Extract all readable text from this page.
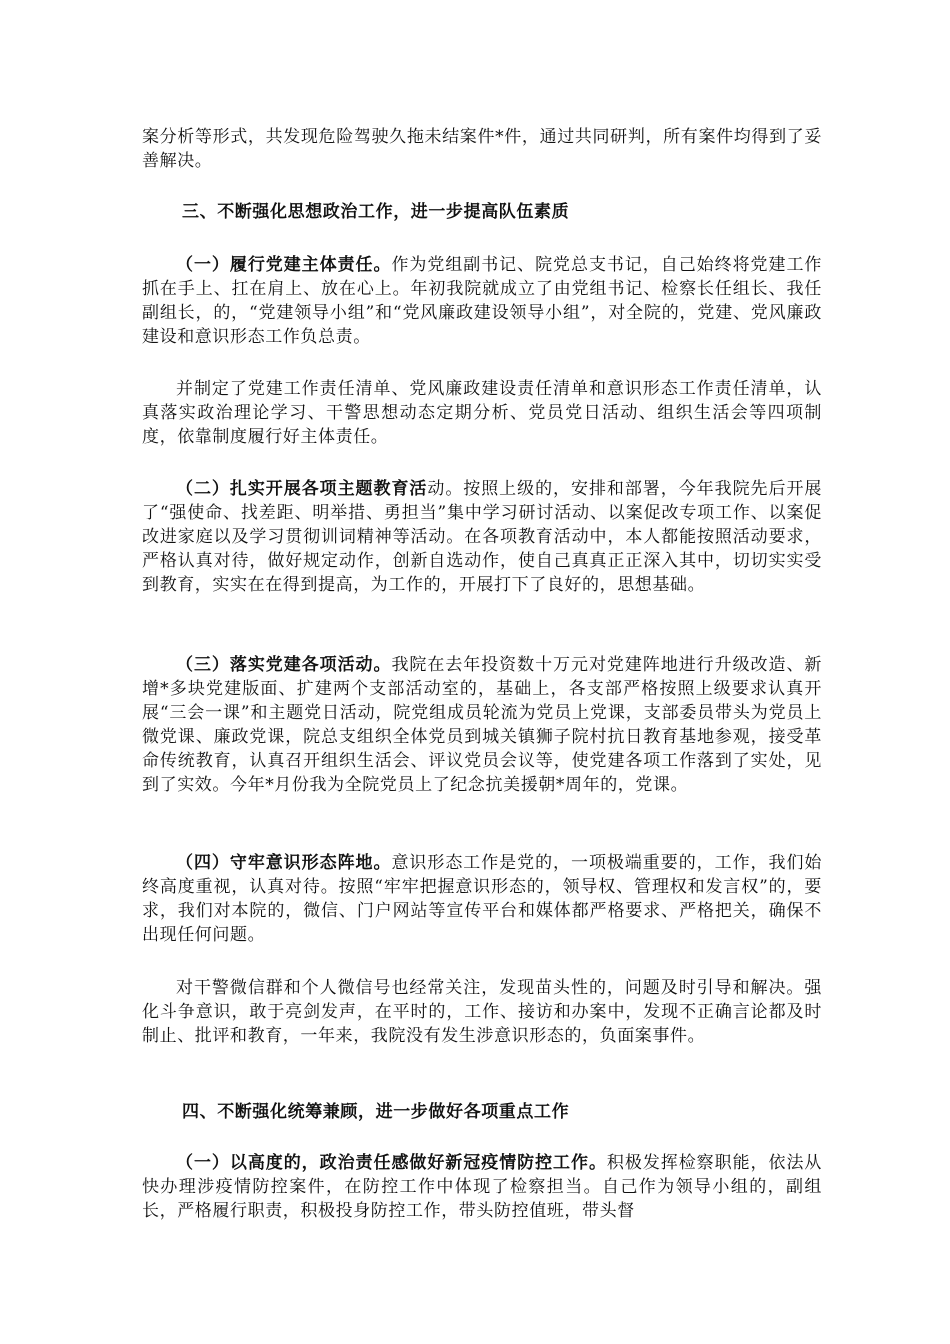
案分析等形式，共发现危险驾驶久拖未结案件*件，通过共同研判，所有案件均得到了妥善解决。

三、不断强化思想政治工作，进一步提高队伍素质

（一）履行党建主体责任。作为党组副书记、院党总支书记，自己始终将党建工作抓在手上、扛在肩上、放在心上。年初我院就成立了由党组书记、检察长任组长、我任副组长，的，“党建领导小组”和“党风廉政建设领导小组”，对全院的，党建、党风廉政建设和意识形态工作负总责。

并制定了党建工作责任清单、党风廉政建设责任清单和意识形态工作责任清单，认真落实政治理论学习、干警思想动态定期分析、党员党日活动、组织生活会等四项制度，依靠制度履行好主体责任。

（二）扎实开展各项主题教育活动。按照上级的，安排和部署，今年我院先后开展了“强使命、找差距、明举措、勇担当”集中学习研讨活动、以案促改专项工作、以案促改进家庭以及学习贯彻训词精神等活动。在各项教育活动中，本人都能按照活动要求，严格认真对待，做好规定动作，创新自选动作，使自己真真正正深入其中，切切实实受到教育，实实在在得到提高，为工作的，开展打下了良好的，思想基础。

（三）落实党建各项活动。我院在去年投资数十万元对党建阵地进行升级改造、新增*多块党建版面、扩建两个支部活动室的，基础上，各支部严格按照上级要求认真开展“三会一课”和主题党日活动，院党组成员轮流为党员上党课，支部委员带头为党员上微党课、廉政党课，院总支组织全体党员到城关镇狮子院村抗日教育基地参观，接受革命传统教育，认真召开组织生活会、评议党员会议等，使党建各项工作落到了实处，见到了实效。今年*月份我为全院党员上了纪念抗美援朝*周年的，党课。

（四）守牢意识形态阵地。意识形态工作是党的，一项极端重要的，工作，我们始终高度重视，认真对待。按照“牢牢把握意识形态的，领导权、管理权和发言权”的，要求，我们对本院的，微信、门户网站等宣传平台和媒体都严格要求、严格把关，确保不出现任何问题。

对干警微信群和个人微信号也经常关注，发现苗头性的，问题及时引导和解决。强化斗争意识，敢于亮剑发声，在平时的，工作、接访和办案中，发现不正确言论都及时制止、批评和教育，一年来，我院没有发生涉意识形态的，负面案事件。

四、不断强化统筹兼顾，进一步做好各项重点工作

（一）以高度的，政治责任感做好新冠疫情防控工作。积极发挥检察职能，依法从快办理涉疫情防控案件，在防控工作中体现了检察担当。自己作为领导小组的，副组长，严格履行职责，积极投身防控工作，带头防控值班，带头督
